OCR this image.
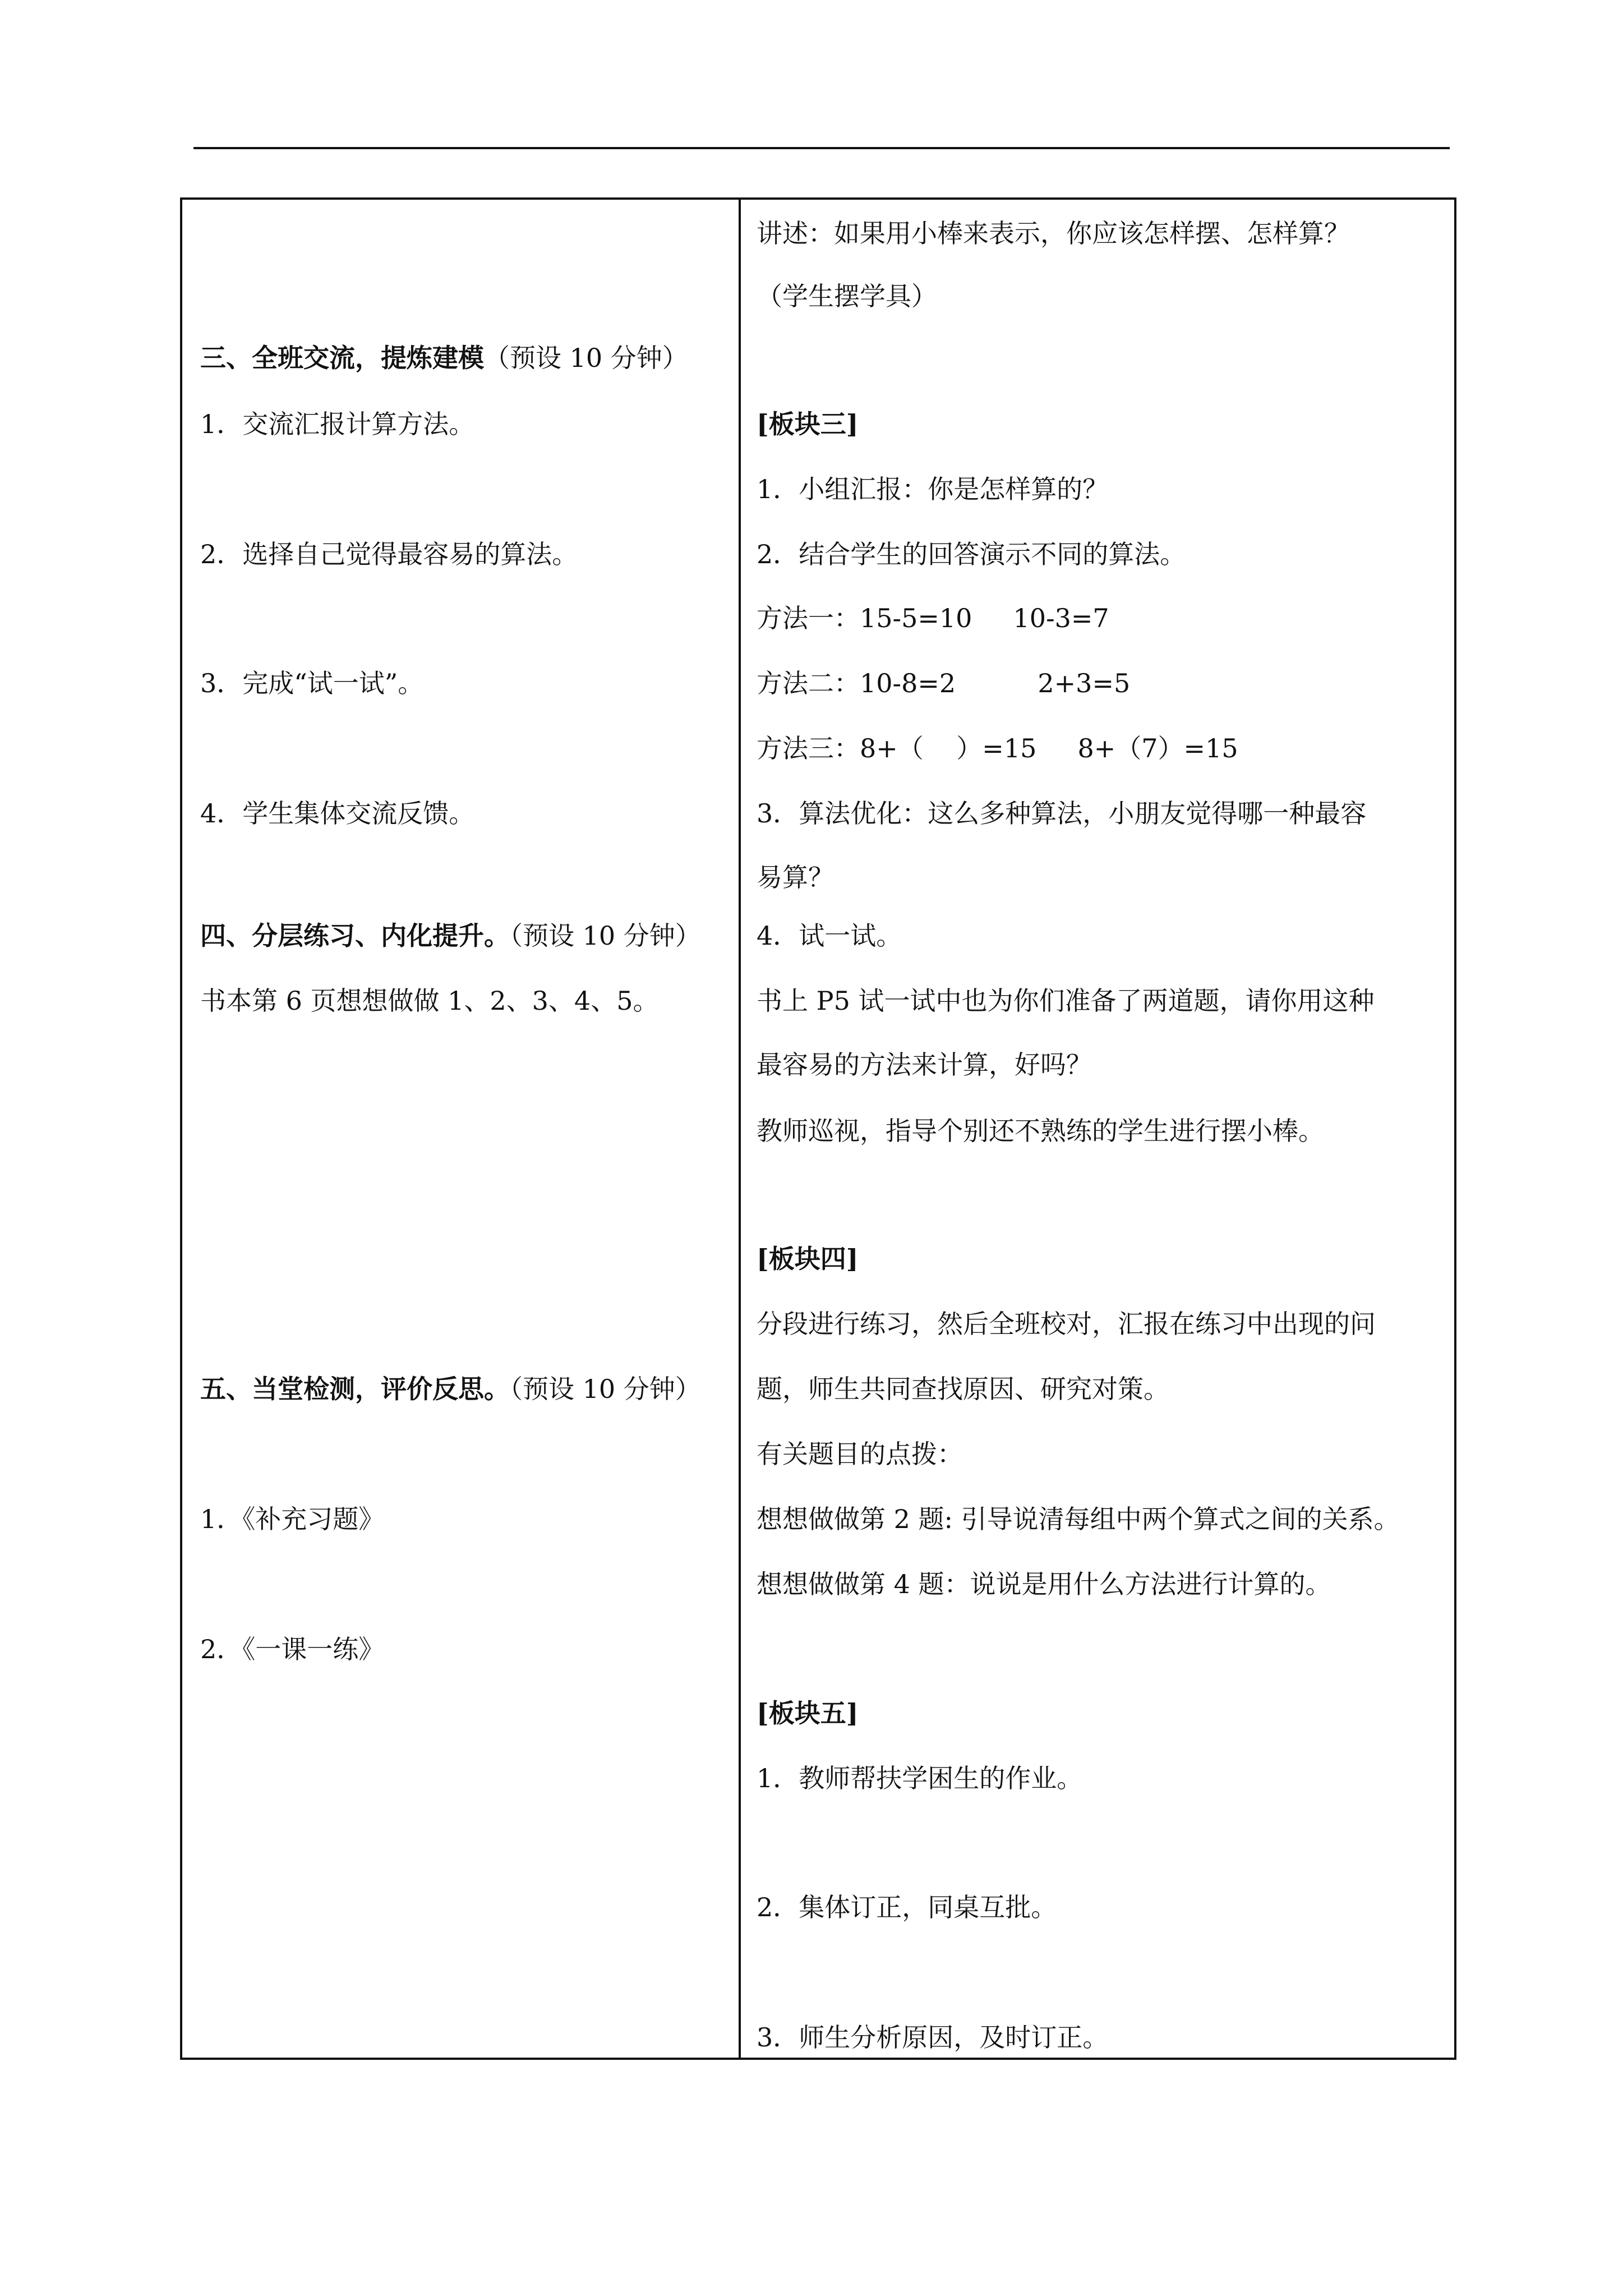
三、全班交流，提炼建模（预设 10 分钟）
1．交流汇报计算方法。
2．选择自己觉得最容易的算法。
3．完成“试一试”。
4．学生集体交流反馈。
四、分层练习、内化提升。（预设 10 分钟）
书本第 6 页想想做做 1、2、3、4、5。
五、当堂检测，评价反思。（预设 10 分钟）
1．《补充习题》
2．《一课一练》
讲述：如果用小棒来表示，你应该怎样摆、怎样算？
（学生摆学具）
[板块三]
1．小组汇报：你是怎样算的？
2．结合学生的回答演示不同的算法。
方法一：15-5=10     10-3=7
方法二：10-8=2          2+3=5
方法三：8+（    ）=15     8+（7）=15
3．算法优化：这么多种算法，小朋友觉得哪一种最容
易算？
4．试一试。
书上 P5 试一试中也为你们准备了两道题，请你用这种
最容易的方法来计算，好吗？
教师巡视，指导个别还不熟练的学生进行摆小棒。
[板块四]
分段进行练习，然后全班校对，汇报在练习中出现的问
题，师生共同查找原因、研究对策。
有关题目的点拨：
想想做做第 2 题: 引导说清每组中两个算式之间的关系。
想想做做第 4 题：说说是用什么方法进行计算的。
[板块五]
1．教师帮扶学困生的作业。
2．集体订正，同桌互批。
3．师生分析原因，及时订正。
